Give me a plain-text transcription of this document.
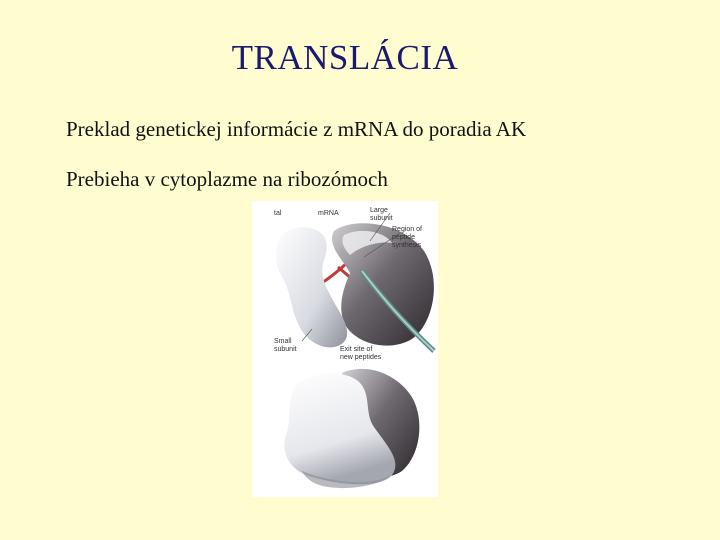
TRANSLÁCIA
Preklad genetickej informácie z mRNA do poradia AK
Prebieha v cytoplazme na ribozómoch
tal	mRNA	Large
subunit
Region of
peptide
synthesis
Small
subunit	Exit site of
new peptides
